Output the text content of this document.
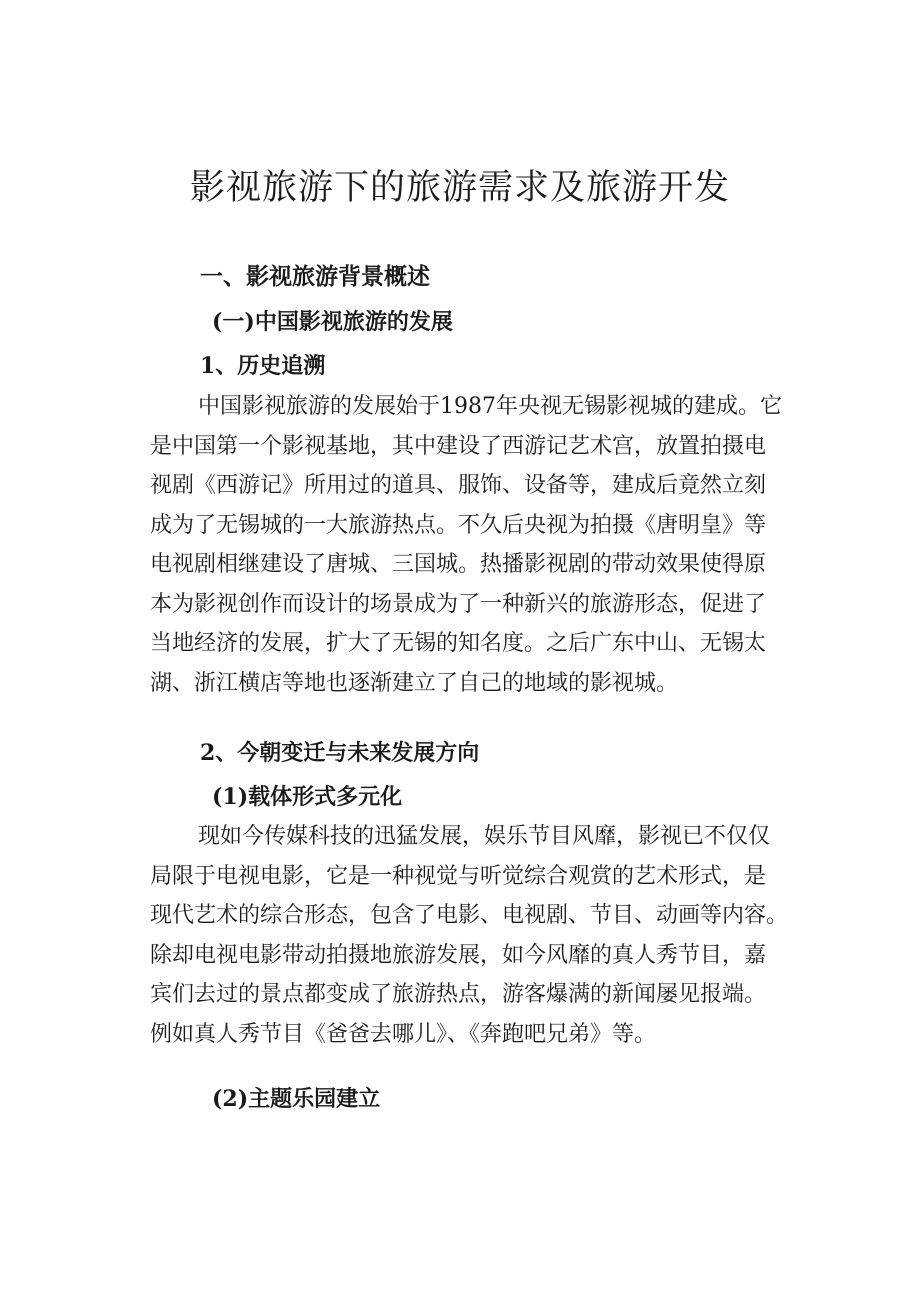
影视旅游下的旅游需求及旅游开发
一、影视旅游背景概述
(一)中国影视旅游的发展
1、历史追溯
中国影视旅游的发展始于1987年央视无锡影视城的建成。它
是中国第一个影视基地，其中建设了西游记艺术宫，放置拍摄电
视剧《西游记》所用过的道具、服饰、设备等，建成后竟然立刻
成为了无锡城的一大旅游热点。不久后央视为拍摄《唐明皇》等
电视剧相继建设了唐城、三国城。热播影视剧的带动效果使得原
本为影视创作而设计的场景成为了一种新兴的旅游形态，促进了
当地经济的发展，扩大了无锡的知名度。之后广东中山、无锡太
湖、浙江横店等地也逐渐建立了自己的地域的影视城。
2、今朝变迁与未来发展方向
(1)载体形式多元化
现如今传媒科技的迅猛发展，娱乐节目风靡，影视已不仅仅
局限于电视电影，它是一种视觉与听觉综合观赏的艺术形式，是
现代艺术的综合形态，包含了电影、电视剧、节目、动画等内容。
除却电视电影带动拍摄地旅游发展，如今风靡的真人秀节目，嘉
宾们去过的景点都变成了旅游热点，游客爆满的新闻屡见报端。
例如真人秀节目《爸爸去哪儿》、《奔跑吧兄弟》等。
(2)主题乐园建立
